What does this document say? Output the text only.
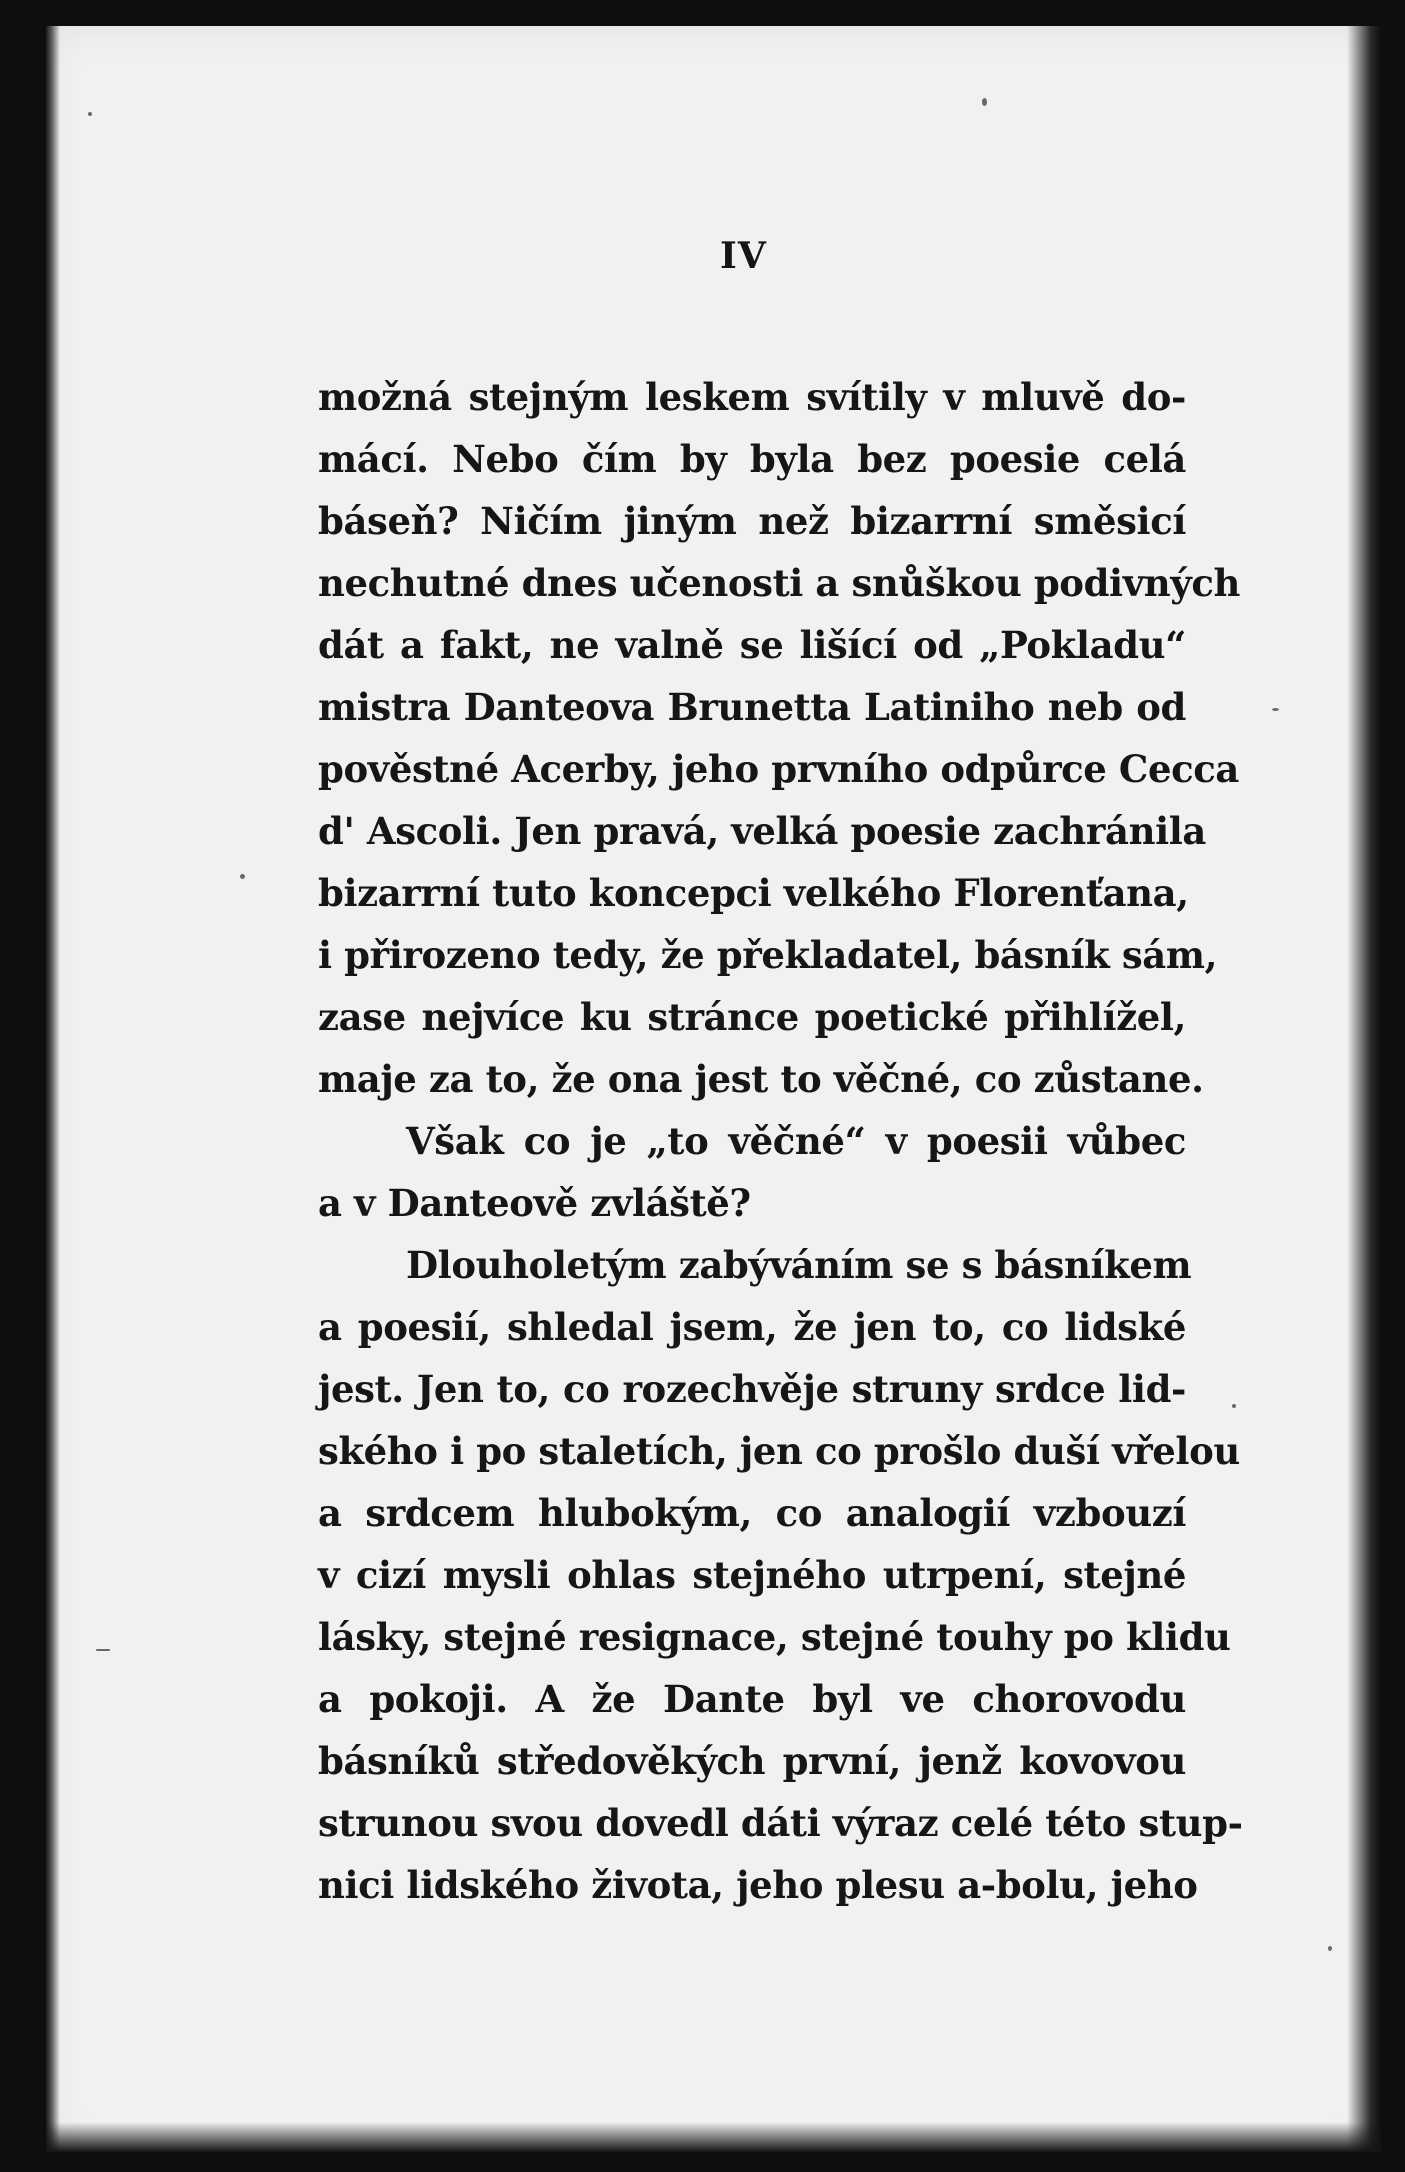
IV
možná stejným leskem svítily v mluvě do-
mácí. Nebo čím by byla bez poesie celá
báseň? Ničím jiným než bizarrní směsicí
nechutné dnes učenosti a snůškou podivných
dát a fakt, ne valně se lišící od „Pokladu“
mistra Danteova Brunetta Latiniho neb od
pověstné Acerby, jeho prvního odpůrce Cecca
d' Ascoli. Jen pravá, velká poesie zachránila
bizarrní tuto koncepci velkého Florenťana,
i přirozeno tedy, že překladatel, básník sám,
zase nejvíce ku stránce poetické přihlížel,
maje za to, že ona jest to věčné, co zůstane.
Však co je „to věčné“ v poesii vůbec
a v Danteově zvláště?
Dlouholetým zabýváním se s básníkem
a poesií, shledal jsem, že jen to, co lidské
jest. Jen to, co rozechvěje struny srdce lid-
ského i po staletích, jen co prošlo duší vřelou
a srdcem hlubokým, co analogií vzbouzí
v cizí mysli ohlas stejného utrpení, stejné
lásky, stejné resignace, stejné touhy po klidu
a pokoji. A že Dante byl ve chorovodu
básníků středověkých první, jenž kovovou
strunou svou dovedl dáti výraz celé této stup-
nici lidského života, jeho plesu a-bolu, jeho
